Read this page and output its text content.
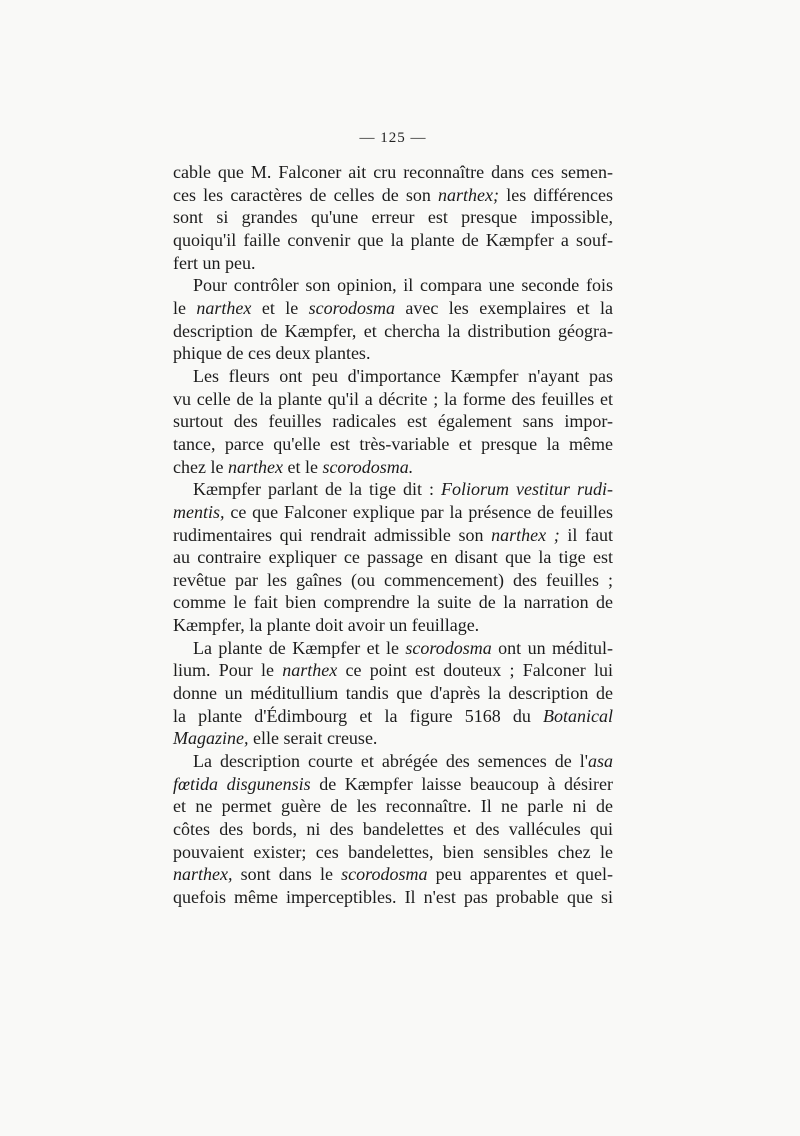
— 125 —
cable que M. Falconer ait cru reconnaître dans ces semen-
ces les caractères de celles de son narthex; les différences
sont si grandes qu'une erreur est presque impossible,
quoiqu'il faille convenir que la plante de Kæmpfer a souf-
fert un peu.
Pour contrôler son opinion, il compara une seconde fois
le narthex et le scorodosma avec les exemplaires et la
description de Kæmpfer, et chercha la distribution géogra-
phique de ces deux plantes.
Les fleurs ont peu d'importance Kæmpfer n'ayant pas
vu celle de la plante qu'il a décrite ; la forme des feuilles et
surtout des feuilles radicales est également sans impor-
tance, parce qu'elle est très-variable et presque la même
chez le narthex et le scorodosma.
Kæmpfer parlant de la tige dit : Foliorum vestitur rudi-
mentis, ce que Falconer explique par la présence de feuilles
rudimentaires qui rendrait admissible son narthex ; il faut
au contraire expliquer ce passage en disant que la tige est
revêtue par les gaînes (ou commencement) des feuilles ;
comme le fait bien comprendre la suite de la narration de
Kæmpfer, la plante doit avoir un feuillage.
La plante de Kæmpfer et le scorodosma ont un méditul-
lium. Pour le narthex ce point est douteux ; Falconer lui
donne un méditullium tandis que d'après la description de
la plante d'Édimbourg et la figure 5168 du Botanical
Magazine, elle serait creuse.
La description courte et abrégée des semences de l'asa
fœtida disgunensis de Kæmpfer laisse beaucoup à désirer
et ne permet guère de les reconnaître. Il ne parle ni de
côtes des bords, ni des bandelettes et des vallécules qui
pouvaient exister; ces bandelettes, bien sensibles chez le
narthex, sont dans le scorodosma peu apparentes et quel-
quefois même imperceptibles. Il n'est pas probable que si
